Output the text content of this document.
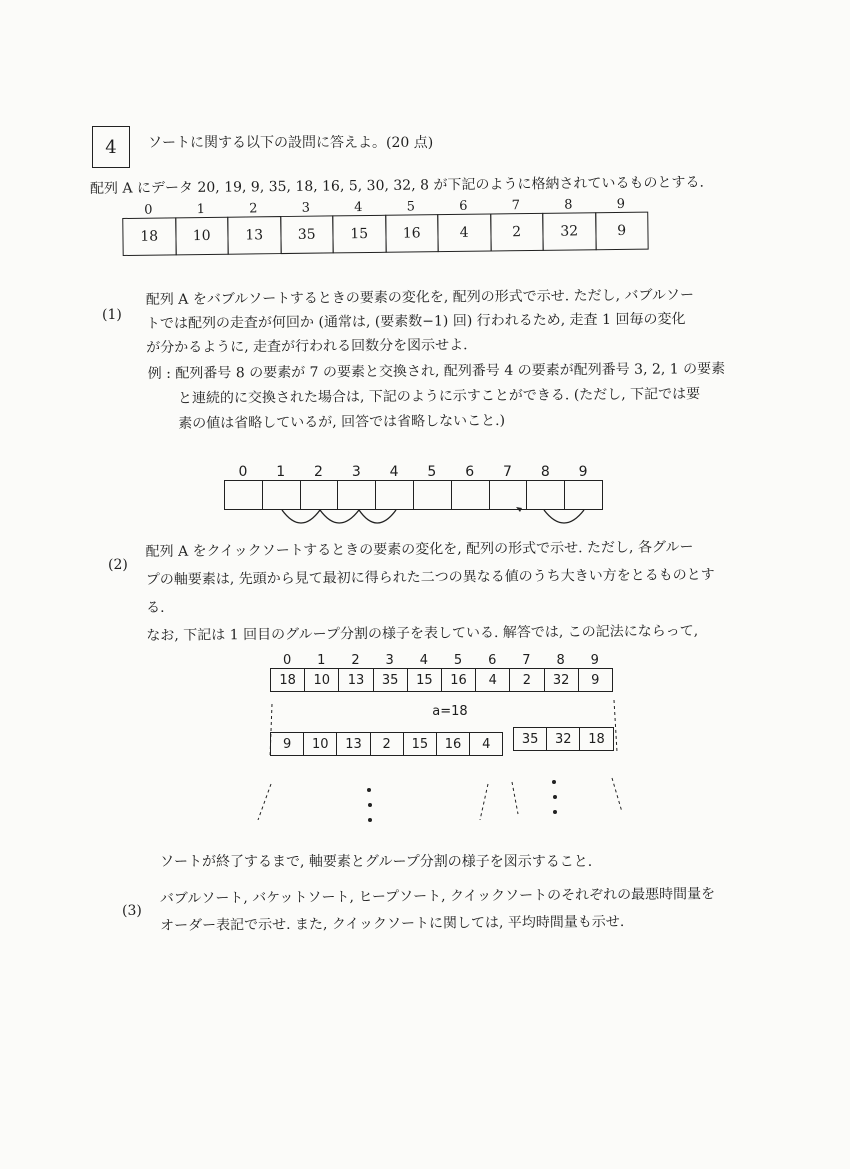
4 ソートに関する以下の設問に答えよ。(20 点)
配列 A にデータ 20, 19, 9, 35, 18, 16, 5, 30, 32, 8 が下記のように格納されているものとする.
0	1	2	3	4	5	6	7	8	9
18	10	13	35	15	16	4	2	32	9
(1)
配列 A をバブルソートするときの要素の変化を, 配列の形式で示せ. ただし, バブルソー
トでは配列の走査が何回か (通常は, (要素数−1) 回) 行われるため, 走査 1 回毎の変化
が分かるように, 走査が行われる回数分を図示せよ.
例 : 配列番号 8 の要素が 7 の要素と交換され, 配列番号 4 の要素が配列番号 3, 2, 1 の要素
と連続的に交換された場合は, 下記のように示すことができる. (ただし, 下記では要
素の値は省略しているが, 回答では省略しないこと.)
0	1	2	3	4	5	6	7	8	9
(2)
配列 A をクイックソートするときの要素の変化を, 配列の形式で示せ. ただし, 各グルー
プの軸要素は, 先頭から見て最初に得られた二つの異なる値のうち大きい方をとるものとす
る.
なお, 下記は 1 回目のグループ分割の様子を表している. 解答では, この記法にならって,
0	1	2	3	4	5	6	7	8	9
18	10	13	35	15	16	4	2	32	9
a=18
9	10	13	2	15	16	4	35	32	18
ソートが終了するまで, 軸要素とグループ分割の様子を図示すること.
(3)
バブルソート, バケットソート, ヒープソート, クイックソートのそれぞれの最悪時間量を
オーダー表記で示せ. また, クイックソートに関しては, 平均時間量も示せ.
